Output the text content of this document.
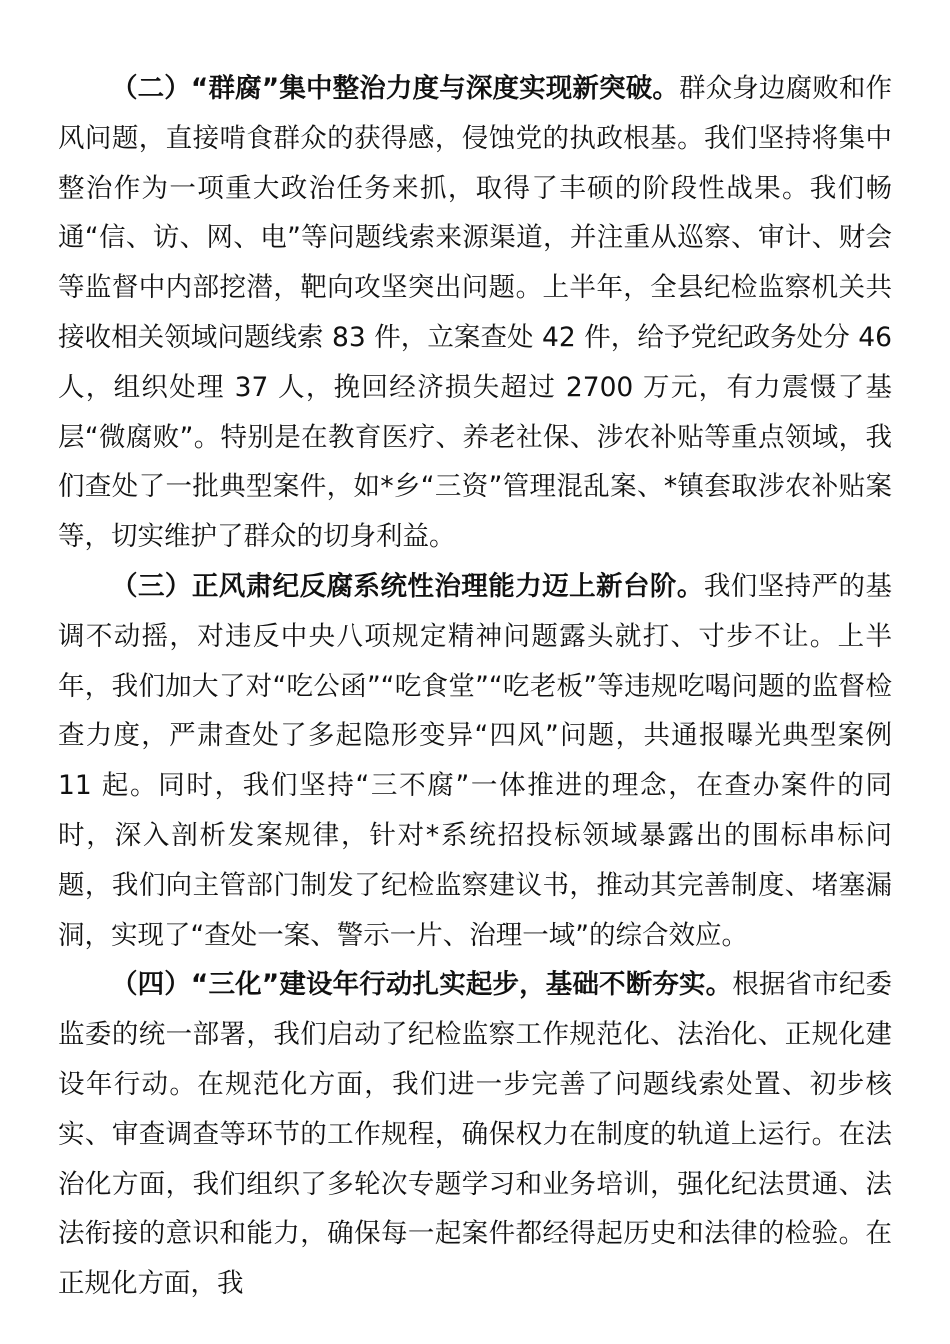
（二）“群腐”集中整治力度与深度实现新突破。群众身边腐败和作风问题，直接啃食群众的获得感，侵蚀党的执政根基。我们坚持将集中整治作为一项重大政治任务来抓，取得了丰硕的阶段性战果。我们畅通“信、访、网、电”等问题线索来源渠道，并注重从巡察、审计、财会等监督中内部挖潜，靶向攻坚突出问题。上半年，全县纪检监察机关共接收相关领域问题线索 83 件，立案查处 42 件，给予党纪政务处分 46 人，组织处理 37 人，挽回经济损失超过 2700 万元，有力震慑了基层“微腐败”。特别是在教育医疗、养老社保、涉农补贴等重点领域，我们查处了一批典型案件，如*乡“三资”管理混乱案、*镇套取涉农补贴案等，切实维护了群众的切身利益。

（三）正风肃纪反腐系统性治理能力迈上新台阶。我们坚持严的基调不动摇，对违反中央八项规定精神问题露头就打、寸步不让。上半年，我们加大了对“吃公函”“吃食堂”“吃老板”等违规吃喝问题的监督检查力度，严肃查处了多起隐形变异“四风”问题，共通报曝光典型案例 11 起。同时，我们坚持“三不腐”一体推进的理念，在查办案件的同时，深入剖析发案规律，针对*系统招投标领域暴露出的围标串标问题，我们向主管部门制发了纪检监察建议书，推动其完善制度、堵塞漏洞，实现了“查处一案、警示一片、治理一域”的综合效应。

（四）“三化”建设年行动扎实起步，基础不断夯实。根据省市纪委监委的统一部署，我们启动了纪检监察工作规范化、法治化、正规化建设年行动。在规范化方面，我们进一步完善了问题线索处置、初步核实、审查调查等环节的工作规程，确保权力在制度的轨道上运行。在法治化方面，我们组织了多轮次专题学习和业务培训，强化纪法贯通、法法衔接的意识和能力，确保每一起案件都经得起历史和法律的检验。在正规化方面，我
